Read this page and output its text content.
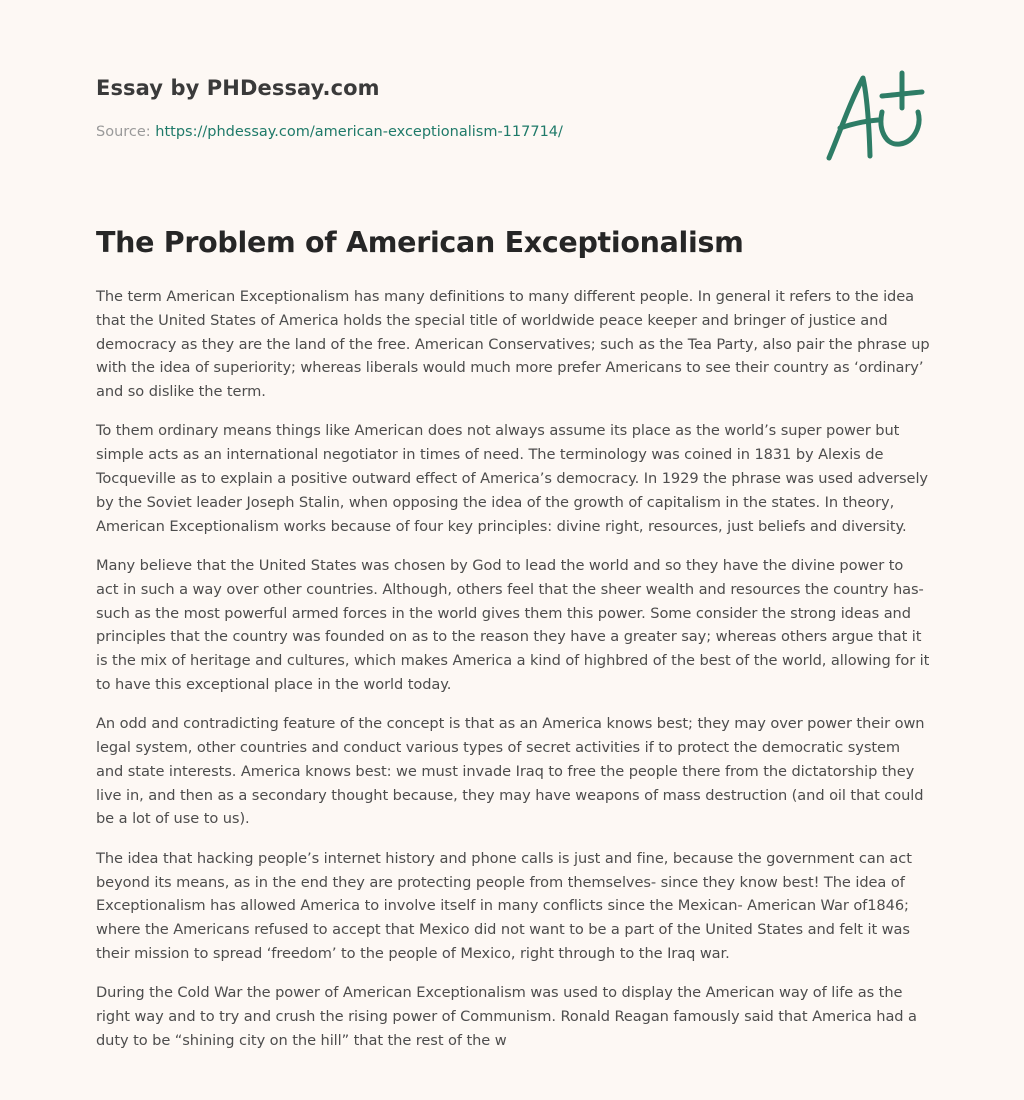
Essay by PHDessay.com
Source: https://phdessay.com/american-exceptionalism-117714/
The Problem of American Exceptionalism

The term American Exceptionalism has many definitions to many different people. In general it refers to the idea that the United States of America holds the special title of worldwide peace keeper and bringer of justice and democracy as they are the land of the free. American Conservatives; such as the Tea Party, also pair the phrase up with the idea of superiority; whereas liberals would much more prefer Americans to see their country as ‘ordinary’ and so dislike the term.

To them ordinary means things like American does not always assume its place as the world’s super power but simple acts as an international negotiator in times of need. The terminology was coined in 1831 by Alexis de Tocqueville as to explain a positive outward effect of America’s democracy. In 1929 the phrase was used adversely by the Soviet leader Joseph Stalin, when opposing the idea of the growth of capitalism in the states. In theory, American Exceptionalism works because of four key principles: divine right, resources, just beliefs and diversity.

Many believe that the United States was chosen by God to lead the world and so they have the divine power to act in such a way over other countries. Although, others feel that the sheer wealth and resources the country has- such as the most powerful armed forces in the world gives them this power. Some consider the strong ideas and principles that the country was founded on as to the reason they have a greater say; whereas others argue that it is the mix of heritage and cultures, which makes America a kind of highbred of the best of the world, allowing for it to have this exceptional place in the world today.

An odd and contradicting feature of the concept is that as an America knows best; they may over power their own legal system, other countries and conduct various types of secret activities if to protect the democratic system and state interests. America knows best: we must invade Iraq to free the people there from the dictatorship they live in, and then as a secondary thought because, they may have weapons of mass destruction (and oil that could be a lot of use to us).

The idea that hacking people’s internet history and phone calls is just and fine, because the government can act beyond its means, as in the end they are protecting people from themselves- since they know best! The idea of Exceptionalism has allowed America to involve itself in many conflicts since the Mexican- American War of1846; where the Americans refused to accept that Mexico did not want to be a part of the United States and felt it was their mission to spread ‘freedom’ to the people of Mexico, right through to the Iraq war.

During the Cold War the power of American Exceptionalism was used to display the American way of life as the right way and to try and crush the rising power of Communism. Ronald Reagan famously said that America had a duty to be “shining city on the hill” that the rest of the w
